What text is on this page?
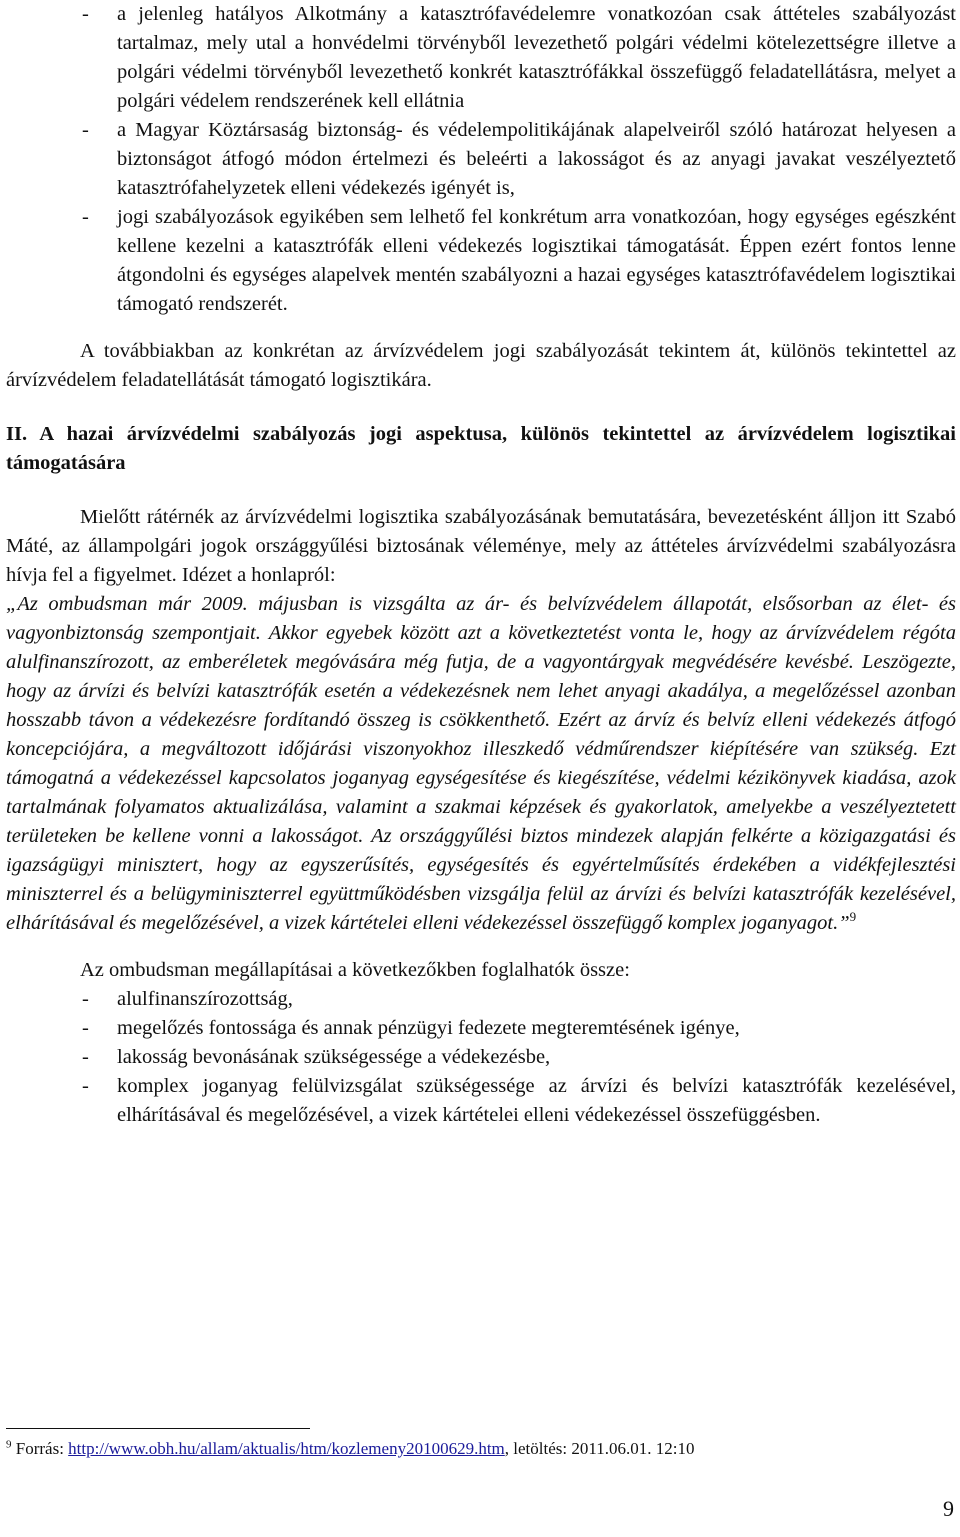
- a jelenleg hatályos Alkotmány a katasztrófavédelemre vonatkozóan csak áttételes szabályozást tartalmaz, mely utal a honvédelmi törvényből levezethető polgári védelmi kötelezettségre illetve a polgári védelmi törvényből levezethető konkrét katasztrófákkal összefüggő feladatellátásra, melyet a polgári védelem rendszerének kell ellátnia
- a Magyar Köztársaság biztonság- és védelempolitikájának alapelveiről szóló határozat helyesen a biztonságot átfogó módon értelmezi és beleérti a lakosságot és az anyagi javakat veszélyeztető katasztrófahelyzetek elleni védekezés igényét is,
- jogi szabályozások egyikében sem lelhető fel konkrétum arra vonatkozóan, hogy egységes egészként kellene kezelni a katasztrófák elleni védekezés logisztikai támogatását. Éppen ezért fontos lenne átgondolni és egységes alapelvek mentén szabályozni a hazai egységes katasztrófavédelem logisztikai támogató rendszerét.

A továbbiakban az konkrétan az árvízvédelem jogi szabályozását tekintem át, különös tekintettel az árvízvédelem feladatellátását támogató logisztikára.

II. A hazai árvízvédelmi szabályozás jogi aspektusa, különös tekintettel az árvízvédelem logisztikai támogatására

Mielőtt rátérnék az árvízvédelmi logisztika szabályozásának bemutatására, bevezetésként álljon itt Szabó Máté, az állampolgári jogok országgyűlési biztosának véleménye, mely az áttételes árvízvédelmi szabályozásra hívja fel a figyelmet. Idézet a honlapról:

„Az ombudsman már 2009. májusban is vizsgálta az ár- és belvízvédelem állapotát, elsősorban az élet- és vagyonbiztonság szempontjait. Akkor egyebek között azt a következtetést vonta le, hogy az árvízvédelem régóta alulfinanszírozott, az emberéletek megóvására még futja, de a vagyontárgyak megvédésére kevésbé. Leszögezte, hogy az árvízi és belvízi katasztrófák esetén a védekezésnek nem lehet anyagi akadálya, a megelőzéssel azonban hosszabb távon a védekezésre fordítandó összeg is csökkenthető. Ezért az árvíz és belvíz elleni védekezés átfogó koncepciójára, a megváltozott időjárási viszonyokhoz illeszkedő védműrendszer kiépítésére van szükség. Ezt támogatná a védekezéssel kapcsolatos joganyag egységesítése és kiegészítése, védelmi kézikönyvek kiadása, azok tartalmának folyamatos aktualizálása, valamint a szakmai képzések és gyakorlatok, amelyekbe a veszélyeztetett területeken be kellene vonni a lakosságot. Az országgyűlési biztos mindezek alapján felkérte a közigazgatási és igazságügyi minisztert, hogy az egyszerűsítés, egységesítés és egyértelműsítés érdekében a vidékfejlesztési miniszterrel és a belügyminiszterrel együttműködésben vizsgálja felül az árvízi és belvízi katasztrófák kezelésével, elhárításával és megelőzésével, a vizek kártételei elleni védekezéssel összefüggő komplex joganyagot.”$^9$

Az ombudsman megállapításai a következőkben foglalhatók össze:

- alulfinanszírozottság,
- megelőzés fontossága és annak pénzügyi fedezete megteremtésének igénye,
- lakosság bevonásának szükségessége a védekezésbe,
- komplex joganyag felülvizsgálat szükségessége az árvízi és belvízi katasztrófák kezelésével, elhárításával és megelőzésével, a vizek kártételei elleni védekezéssel összefüggésben.
$^9$ Forrás: http://www.obh.hu/allam/aktualis/htm/kozlemeny20100629.htm, letöltés: 2011.06.01. 12:10
9
